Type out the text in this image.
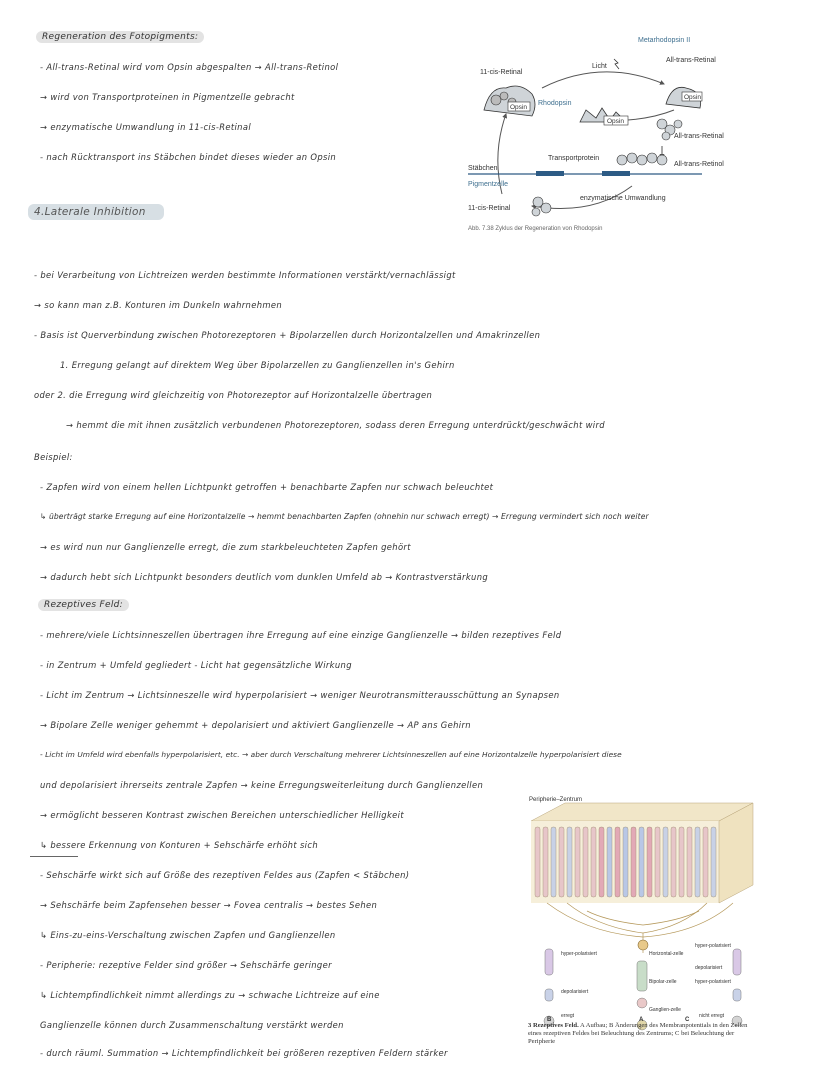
Regeneration des Fotopigments:
- All-trans-Retinal wird vom Opsin abgespalten → All-trans-Retinol
→ wird von Transportproteinen in Pigmentzelle gebracht
→ enzymatische Umwandlung in 11-cis-Retinal
- nach Rücktransport ins Stäbchen bindet dieses wieder an Opsin
4.Laterale Inhibition
Metarhodopsin II
Licht
11-cis-Retinal
All-trans-Retinal
Opsin
Rhodopsin
Opsin
Opsin
All-trans-Retinal
Transportprotein
All-trans-Retinol
Stäbchen
Pigmentzelle
enzymatische Umwandlung
11-cis-Retinal
Abb. 7.38 Zyklus der Regeneration von Rhodopsin
- bei Verarbeitung von Lichtreizen werden bestimmte Informationen verstärkt/vernachlässigt
→ so kann man z.B. Konturen im Dunkeln wahrnehmen
- Basis ist Querverbindung zwischen Photorezeptoren + Bipolarzellen durch Horizontalzellen und Amakrinzellen
1. Erregung gelangt auf direktem Weg über Bipolarzellen zu Ganglienzellen in's Gehirn
oder 2. die Erregung wird gleichzeitig von Photorezeptor auf Horizontalzelle übertragen
→ hemmt die mit ihnen zusätzlich verbundenen Photorezeptoren, sodass deren Erregung unterdrückt/geschwächt wird
Beispiel:
- Zapfen wird von einem hellen Lichtpunkt getroffen + benachbarte Zapfen nur schwach beleuchtet
↳ überträgt starke Erregung auf eine Horizontalzelle → hemmt benachbarten Zapfen (ohnehin nur schwach erregt) → Erregung vermindert sich noch weiter
→ es wird nun nur Ganglienzelle erregt, die zum starkbeleuchteten Zapfen gehört
→ dadurch hebt sich Lichtpunkt besonders deutlich vom dunklen Umfeld ab → Kontrastverstärkung
Rezeptives Feld:
- mehrere/viele Lichtsinneszellen übertragen ihre Erregung auf eine einzige Ganglienzelle → bilden rezeptives Feld
- in Zentrum + Umfeld gegliedert - Licht hat gegensätzliche Wirkung
- Licht im Zentrum → Lichtsinneszelle wird hyperpolarisiert → weniger Neurotransmitterausschüttung an Synapsen
→ Bipolare Zelle weniger gehemmt + depolarisiert und aktiviert Ganglienzelle → AP ans Gehirn
- Licht im Umfeld wird ebenfalls hyperpolarisiert, etc. → aber durch Verschaltung mehrerer Lichtsinneszellen auf eine Horizontalzelle hyperpolarisiert diese
und depolarisiert ihrerseits zentrale Zapfen → keine Erregungsweiterleitung durch Ganglienzellen
→ ermöglicht besseren Kontrast zwischen Bereichen unterschiedlicher Helligkeit
↳ bessere Erkennung von Konturen + Sehschärfe erhöht sich
- Sehschärfe wirkt sich auf Größe des rezeptiven Feldes aus (Zapfen < Stäbchen)
→ Sehschärfe beim Zapfensehen besser → Fovea centralis → bestes Sehen
↳ Eins-zu-eins-Verschaltung zwischen Zapfen und Ganglienzellen
- Peripherie: rezeptive Felder sind größer → Sehschärfe geringer
↳ Lichtempfindlichkeit nimmt allerdings zu → schwache Lichtreize auf eine
Ganglienzelle können durch Zusammenschaltung verstärkt werden
- durch räuml. Summation → Lichtempfindlichkeit bei größeren rezeptiven Feldern stärker
Peripherie–Zentrum
hyper-polarisiert	Horizontal-zelle
hyper-polarisiert
depolarisiert
hyper-polarisiert
depolarisiert
Bipolar-zelle
Ganglien-zelle
erregt	nicht erregt
B	A	C
3 Rezeptives Feld. A Aufbau; B Änderungen des Membranpotentials in den Zellen eines rezeptiven Feldes bei Beleuchtung des Zentrums; C bei Beleuchtung der Peripherie
